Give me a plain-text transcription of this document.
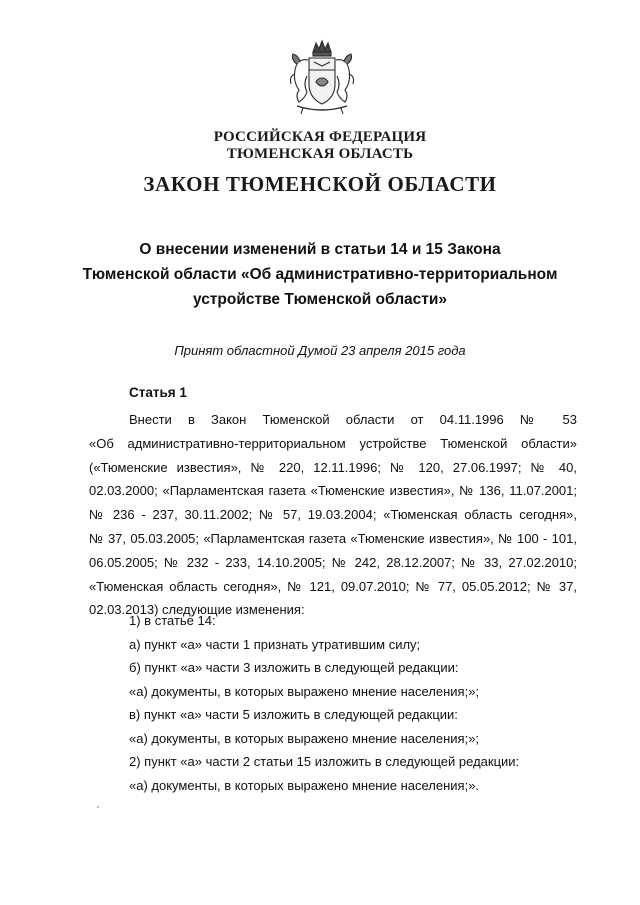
РОССИЙСКАЯ ФЕДЕРАЦИЯ
ТЮМЕНСКАЯ ОБЛАСТЬ
ЗАКОН ТЮМЕНСКОЙ ОБЛАСТИ
О внесении изменений в статьи 14 и 15 Закона
Тюменской области «Об административно-территориальном
устройстве Тюменской области»
Принят областной Думой 23 апреля 2015 года
Статья 1
Внести в Закон Тюменской области от 04.11.1996 № 53
«Об административно-территориальном устройстве Тюменской области»
(«Тюменские известия», № 220, 12.11.1996; № 120, 27.06.1997; № 40,
02.03.2000; «Парламентская газета «Тюменские известия», № 136, 11.07.2001;
№ 236 - 237, 30.11.2002; № 57, 19.03.2004; «Тюменская область сегодня»,
№ 37, 05.03.2005; «Парламентская газета «Тюменские известия», № 100 - 101,
06.05.2005; № 232 - 233, 14.10.2005; № 242, 28.12.2007; № 33, 27.02.2010;
«Тюменская область сегодня», № 121, 09.07.2010; № 77, 05.05.2012; № 37,
02.03.2013) следующие изменения:
1) в статье 14:
а) пункт «а» части 1 признать утратившим силу;
б) пункт «а» части 3 изложить в следующей редакции:
«а) документы, в которых выражено мнение населения;»;
в) пункт «а» части 5 изложить в следующей редакции:
«а) документы, в которых выражено мнение населения;»;
2) пункт «а» части 2 статьи 15 изложить в следующей редакции:
«а) документы, в которых выражено мнение населения;».
